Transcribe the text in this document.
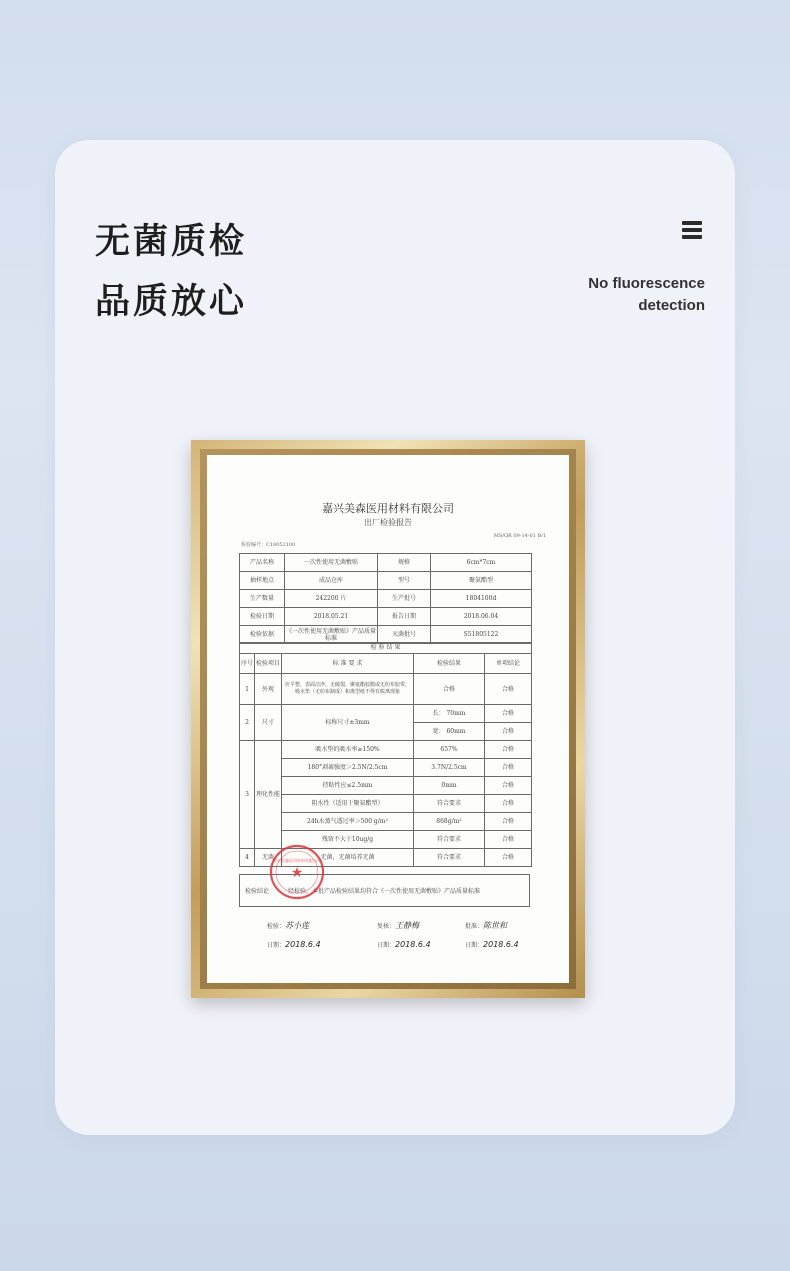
无菌质检
品质放心	No fluorescence
detection
嘉兴美森医用材料有限公司
出厂检验报告
MS/QR 09-14-01 B/1
检验编号：C18052100
产品名称	一次性使用无菌敷贴	规格	6cm*7cm
抽样地点	成品仓库	型号	聚氨酯型
生产数量	242200 片	生产批号	1804100d
检验日期	2018.05.21	报告日期	2018.06.04
检验依据	《一次性使用无菌敷贴》产品质量标准	灭菌批号	S51805122
检 验 结 果
序号	检验项目	标 准 要 求	检验结果	单项结论
1	外观	应平整、表面洁净，无破损，聚氨酯胶膜或无纺布胶带，吸水垫（无纺布制成）和离型纸不得有脱离现象	合格	合格
2	尺寸	标称尺寸±3mm	长： 70mm	合格
			宽： 60mm	合格
3	理化性能	吸水垫的吸水率≥150%	657%	合格
		180°剥离强度＞2.5N/2.5cm	3.7N/2.5cm	合格
		持粘性应≤2.5mm	0mm	合格
		阻水性（适用于聚氨酯型）	符合要求	合格
		24h水蒸气透过率＞500 g/m²	868g/m²	合格
		残留不大于10ug/g	符合要求	合格
4	无菌	无菌，无菌培养无菌	符合要求	合格
检验结论	经检验，本批产品检验结果均符合《一次性使用无菌敷贴》产品质量标准
★
嘉兴美森医用材料有限公司
检验：苏小莲
日期：2018.6.4
复核：王静梅
日期：2018.6.4
批准：陈世和
日期：2018.6.4
